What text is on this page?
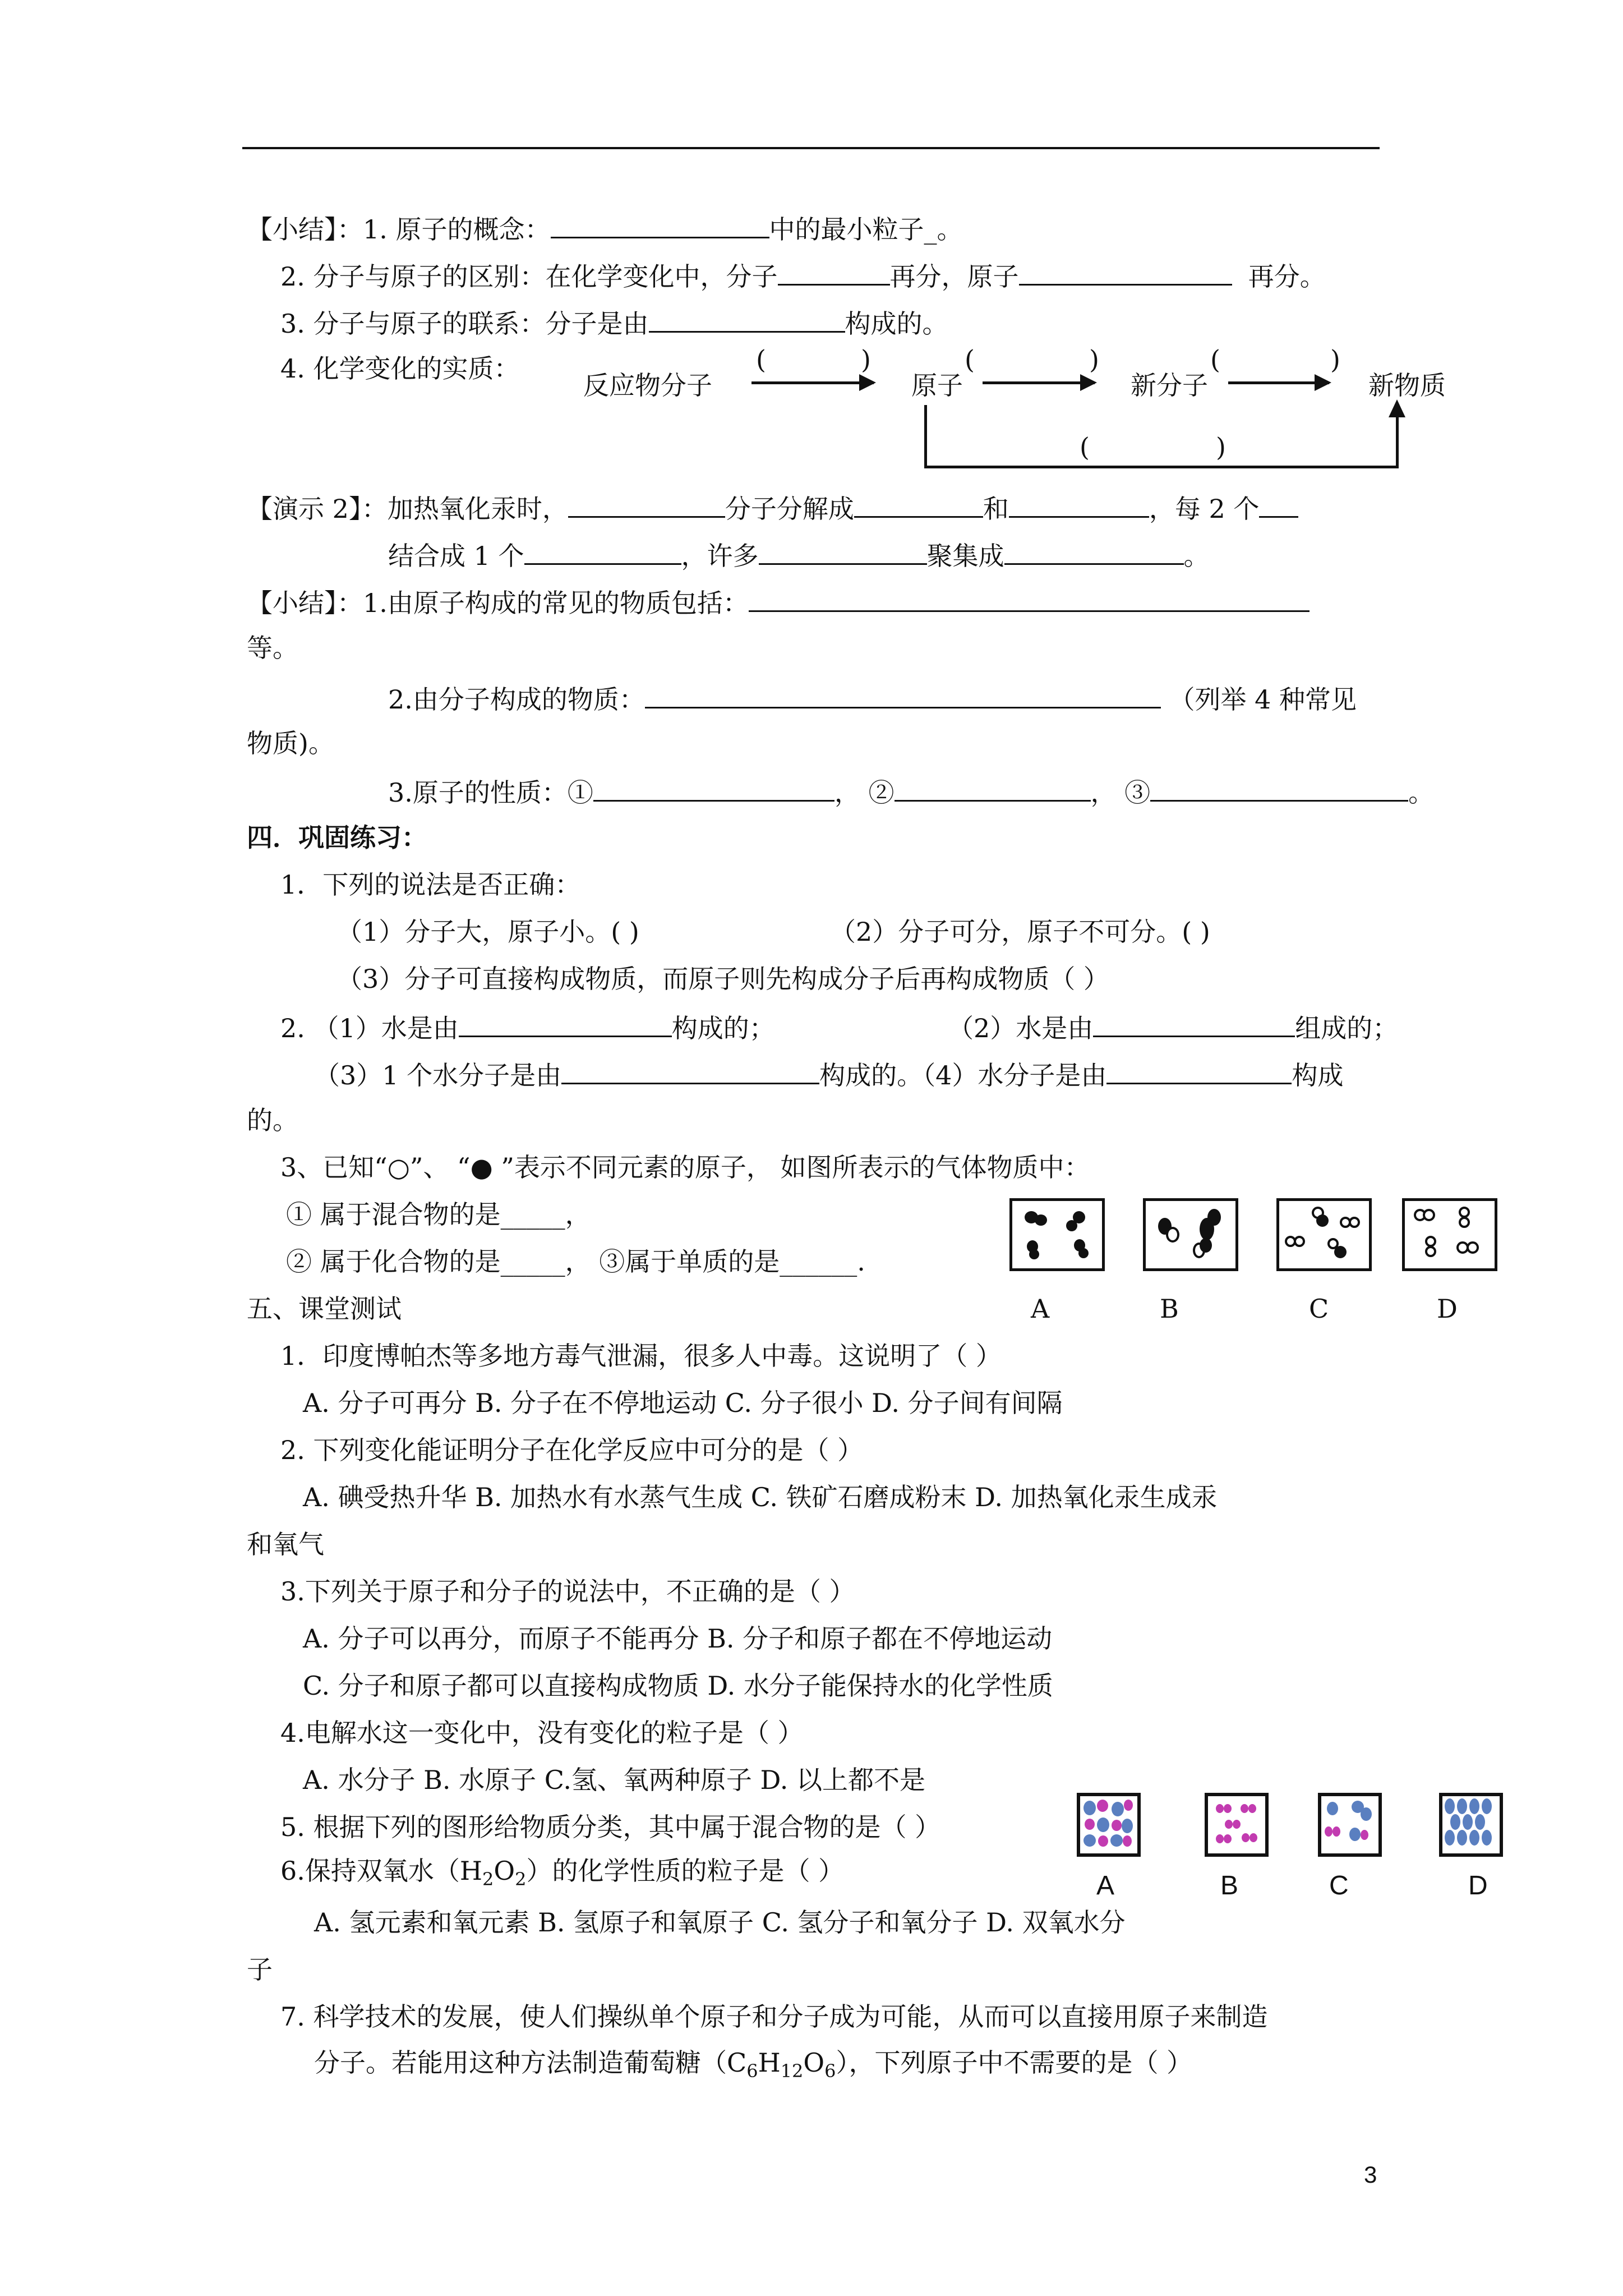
【小结】：1. 原子的概念：	中的最小粒子_。
2. 分子与原子的区别：在化学变化中，分子	再分，原子	再分。
3. 分子与原子的联系：分子是由	构成的。
4. 化学变化的实质：
反应物分子
(	)
原子
(	)
新分子
(	)
新物质
(	)
【演示 2】：加热氧化汞时，	分子分解成	和	，每 2 个
结合成 1 个	，许多	聚集成	。
【小结】：1.由原子构成的常见的物质包括：
等。
2.由分子构成的物质：	（列举 4 种常见
物质)。
3.原子的性质：①	， ②	， ③	。
四．巩固练习：
1．下列的说法是否正确：
（1）分子大，原子小。( )	（2）分子可分，原子不可分。( )
（3）分子可直接构成物质，而原子则先构成分子后再构成物质（ ）
2. （1）水是由	构成的；	（2）水是由	组成的；
（3）1 个水分子是由	构成的。（4）水分子是由	构成
的。
3、已知“○”、 “● ”表示不同元素的原子， 如图所表示的气体物质中：
① 属于混合物的是_____，
② 属于化合物的是_____， ③属于单质的是______.
A	B	C	D
五、课堂测试
1．印度博帕杰等多地方毒气泄漏，很多人中毒。这说明了（ ）
A. 分子可再分 B. 分子在不停地运动 C. 分子很小 D. 分子间有间隔
2. 下列变化能证明分子在化学反应中可分的是（ ）
A. 碘受热升华 B. 加热水有水蒸气生成 C. 铁矿石磨成粉末 D. 加热氧化汞生成汞
和氧气
3.下列关于原子和分子的说法中，不正确的是（ ）
A. 分子可以再分，而原子不能再分 B. 分子和原子都在不停地运动
C. 分子和原子都可以直接构成物质 D. 水分子能保持水的化学性质
4.电解水这一变化中，没有变化的粒子是（ ）
A. 水分子 B. 水原子 C.氢、氧两种原子 D. 以上都不是
5. 根据下列的图形给物质分类，其中属于混合物的是（ ）
6.保持双氧水$(H_2O_2)$的化学性质的粒子是（ ）
A. 氢元素和氧元素 B. 氢原子和氧原子 C. 氢分子和氧分子 D. 双氧水分
子
7. 科学技术的发展，使人们操纵单个原子和分子成为可能，从而可以直接用原子来制造
分子。若能用这种方法制造葡萄糖$(C_6H_{12}O_6)$，下列原子中不需要的是（ ）
A	B	C	D
3
